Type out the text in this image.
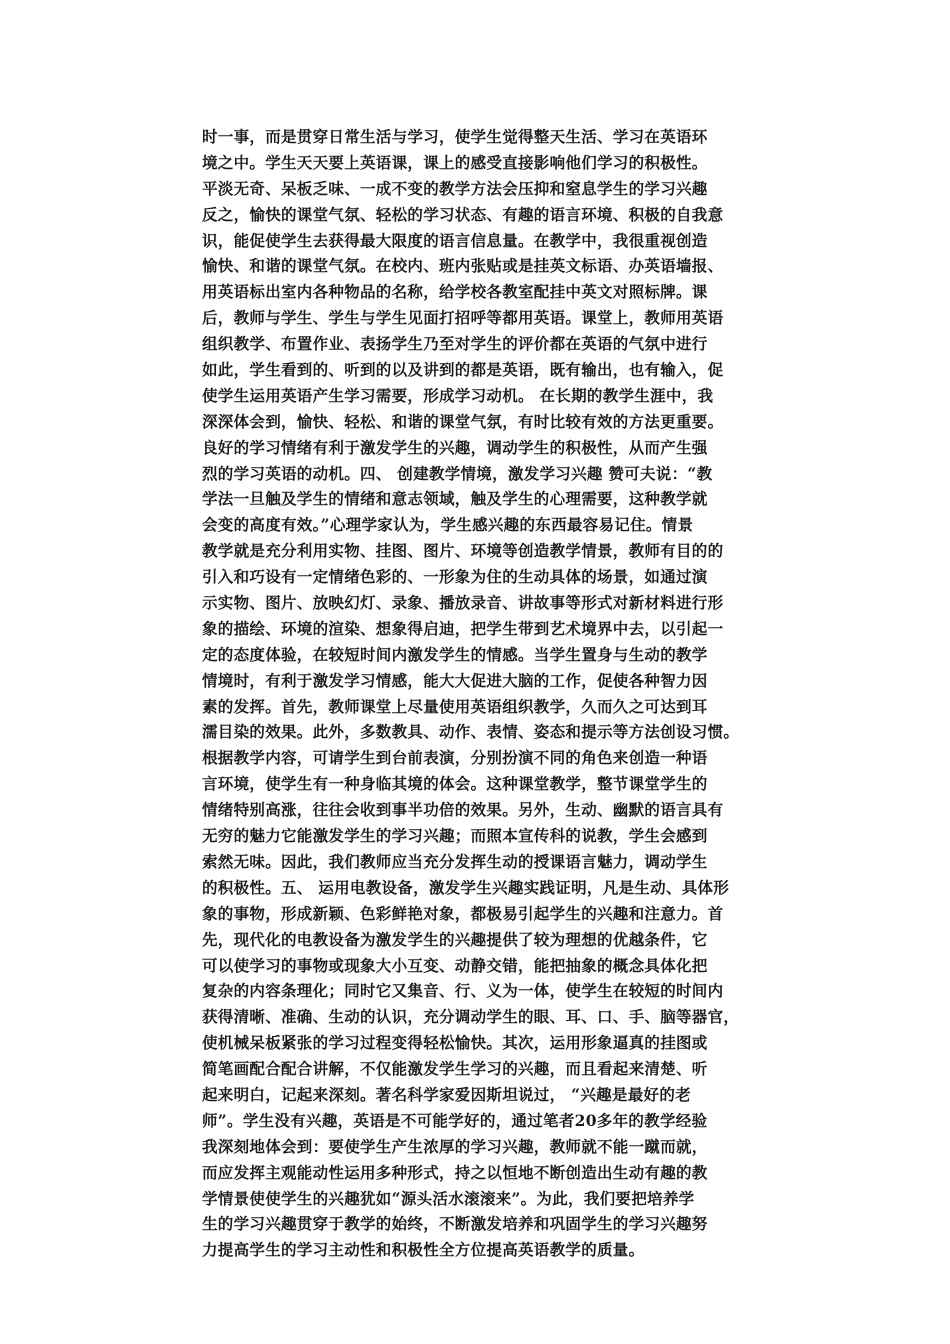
时一事，而是贯穿日常生活与学习，使学生觉得整天生活、学习在英语环
境之中。学生天天要上英语课，课上的感受直接影响他们学习的积极性。
平淡无奇、呆板乏味、一成不变的教学方法会压抑和窒息学生的学习兴趣
反之，愉快的课堂气氛、轻松的学习状态、有趣的语言环境、积极的自我意
识，能促使学生去获得最大限度的语言信息量。在教学中，我很重视创造
愉快、和谐的课堂气氛。在校内、班内张贴或是挂英文标语、办英语墙报、
用英语标出室内各种物品的名称，给学校各教室配挂中英文对照标牌。课
后，教师与学生、学生与学生见面打招呼等都用英语。课堂上，教师用英语
组织教学、布置作业、表扬学生乃至对学生的评价都在英语的气氛中进行
如此，学生看到的、听到的以及讲到的都是英语，既有输出，也有输入，促
使学生运用英语产生学习需要，形成学习动机。 在长期的教学生涯中，我
深深体会到，愉快、轻松、和谐的课堂气氛，有时比较有效的方法更重要。
良好的学习情绪有利于激发学生的兴趣，调动学生的积极性，从而产生强
烈的学习英语的动机。四、 创建教学情境，激发学习兴趣 赞可夫说：“教
学法一旦触及学生的情绪和意志领域，触及学生的心理需要，这种教学就
会变的高度有效。”心理学家认为，学生感兴趣的东西最容易记住。情景
教学就是充分利用实物、挂图、图片、环境等创造教学情景，教师有目的的
引入和巧设有一定情绪色彩的、一形象为住的生动具体的场景，如通过演
示实物、图片、放映幻灯、录象、播放录音、讲故事等形式对新材料进行形
象的描绘、环境的渲染、想象得启迪，把学生带到艺术境界中去，以引起一
定的态度体验，在较短时间内激发学生的情感。当学生置身与生动的教学
情境时，有利于激发学习情感，能大大促进大脑的工作，促使各种智力因
素的发挥。首先，教师课堂上尽量使用英语组织教学，久而久之可达到耳
濡目染的效果。此外，多数教具、动作、表情、姿态和提示等方法创设习惯。
根据教学内容，可请学生到台前表演，分别扮演不同的角色来创造一种语
言环境，使学生有一种身临其境的体会。这种课堂教学，整节课堂学生的
情绪特别高涨，往往会收到事半功倍的效果。另外，生动、幽默的语言具有
无穷的魅力它能激发学生的学习兴趣；而照本宣传科的说教，学生会感到
索然无味。因此，我们教师应当充分发挥生动的授课语言魅力，调动学生
的积极性。五、 运用电教设备，激发学生兴趣实践证明，凡是生动、具体形
象的事物，形成新颖、色彩鲜艳对象，都极易引起学生的兴趣和注意力。首
先，现代化的电教设备为激发学生的兴趣提供了较为理想的优越条件，它
可以使学习的事物或现象大小互变、动静交错，能把抽象的概念具体化把
复杂的内容条理化；同时它又集音、行、义为一体，使学生在较短的时间内
获得清晰、准确、生动的认识，充分调动学生的眼、耳、口、手、脑等器官，
使机械呆板紧张的学习过程变得轻松愉快。其次，运用形象逼真的挂图或
简笔画配合配合讲解，不仅能激发学生学习的兴趣，而且看起来清楚、听
起来明白，记起来深刻。著名科学家爱因斯坦说过， “兴趣是最好的老
师”。学生没有兴趣，英语是不可能学好的，通过笔者20多年的教学经验
我深刻地体会到：要使学生产生浓厚的学习兴趣，教师就不能一蹴而就，
而应发挥主观能动性运用多种形式，持之以恒地不断创造出生动有趣的教
学情景使使学生的兴趣犹如“源头活水滚滚来”。为此，我们要把培养学
生的学习兴趣贯穿于教学的始终，不断激发培养和巩固学生的学习兴趣努
力提高学生的学习主动性和积极性全方位提高英语教学的质量。
